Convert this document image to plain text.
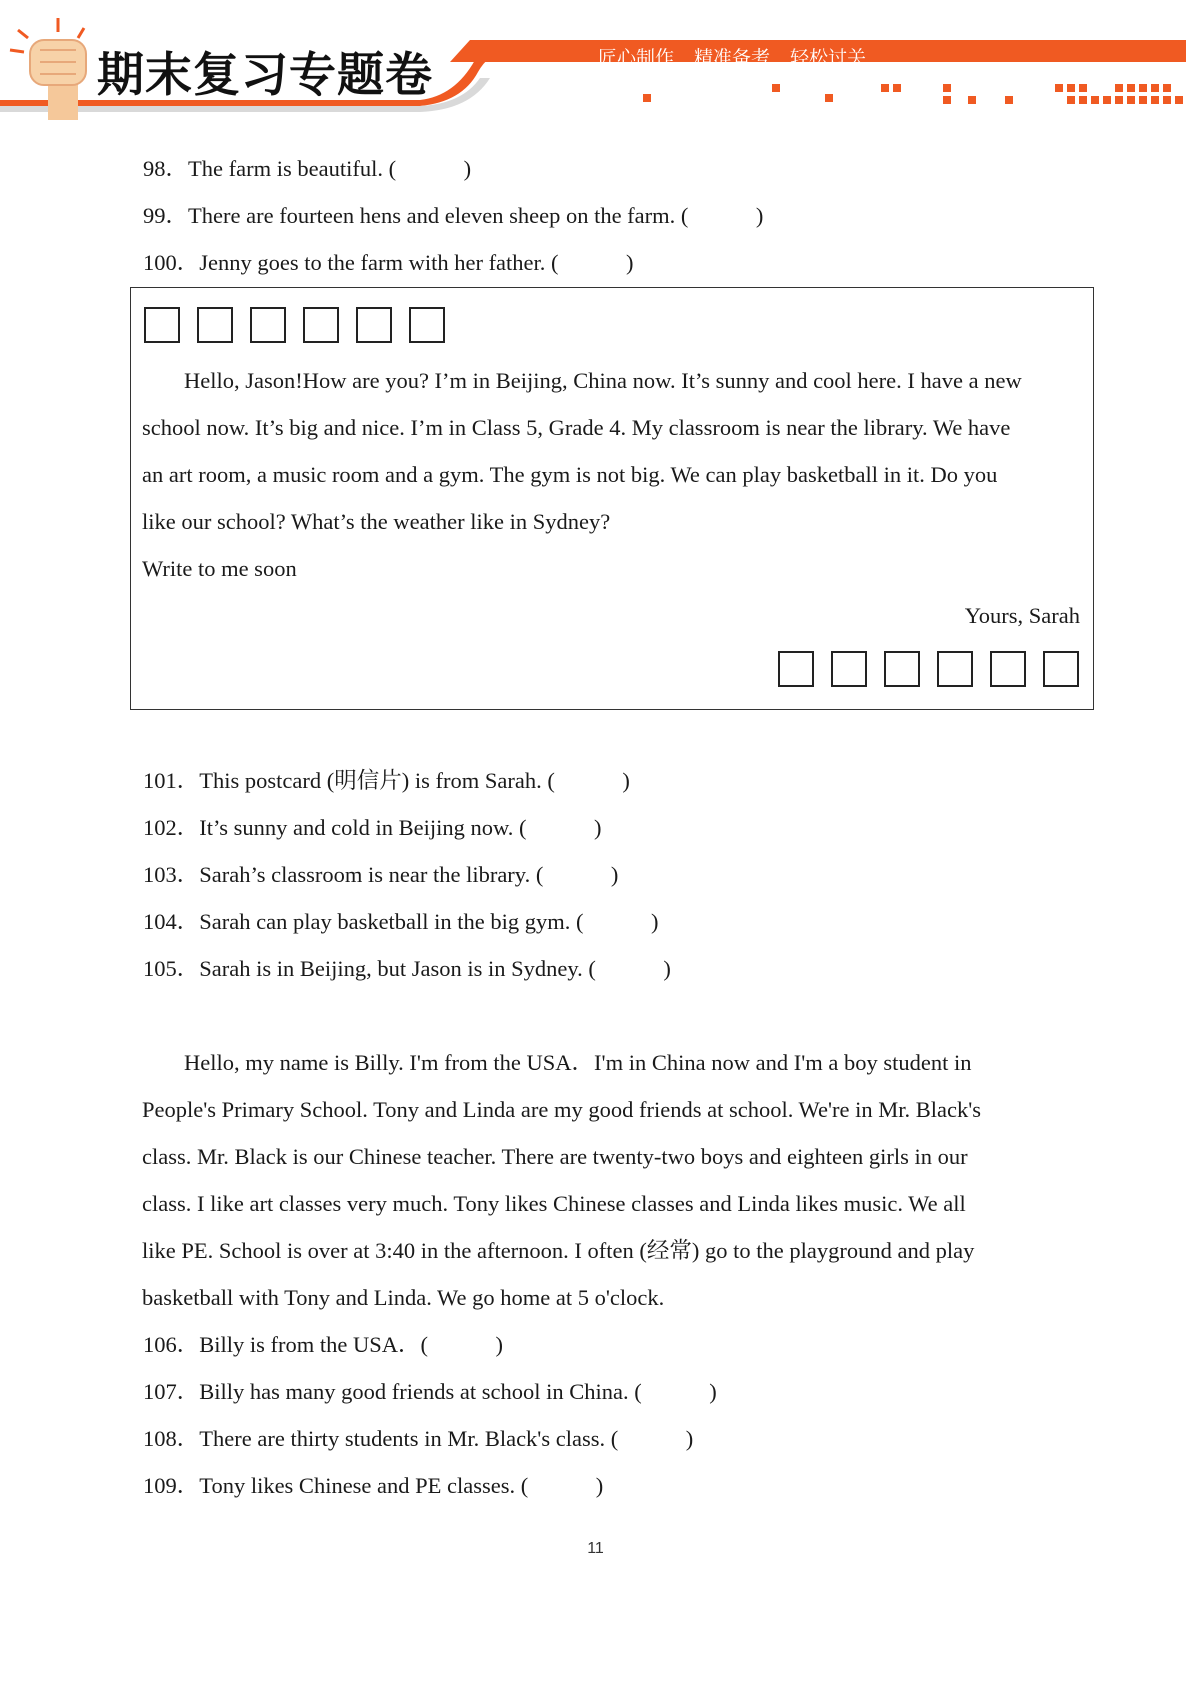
期末复习专题卷	匠心制作 精准备考 轻松过关
98．The farm is beautiful. (            )
99．There are fourteen hens and eleven sheep on the farm. (            )
100．Jenny goes to the farm with her father. (            )
Hello, Jason!How are you? I’m in Beijing, China now. It’s sunny and cool here. I have a new
school now. It’s big and nice. I’m in Class 5, Grade 4. My classroom is near the library. We have
an art room, a music room and a gym. The gym is not big. We can play basketball in it. Do you
like our school? What’s the weather like in Sydney?
Write to me soon
Yours, Sarah
101．This postcard (明信片) is from Sarah. (            )
102．It’s sunny and cold in Beijing now. (            )
103．Sarah’s classroom is near the library. (            )
104．Sarah can play basketball in the big gym. (            )
105．Sarah is in Beijing, but Jason is in Sydney. (            )
Hello, my name is Billy. I'm from the USA．I'm in China now and I'm a boy student in
People's Primary School. Tony and Linda are my good friends at school. We're in Mr. Black's
class. Mr. Black is our Chinese teacher. There are twenty-two boys and eighteen girls in our
class. I like art classes very much. Tony likes Chinese classes and Linda likes music. We all
like PE. School is over at 3:40 in the afternoon. I often (经常) go to the playground and play
basketball with Tony and Linda. We go home at 5 o'clock.
106．Billy is from the USA．(            )
107．Billy has many good friends at school in China. (            )
108．There are thirty students in Mr. Black's class. (            )
109．Tony likes Chinese and PE classes. (            )
11
